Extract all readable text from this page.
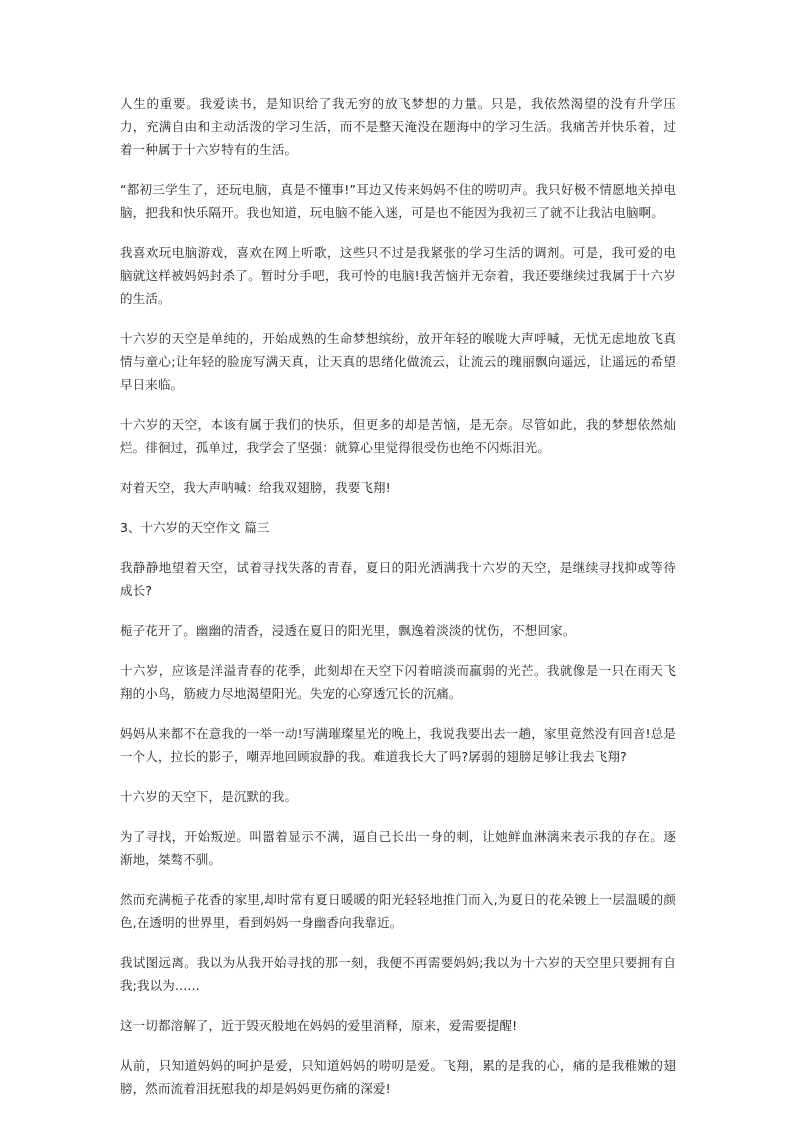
人生的重要。我爱读书，是知识给了我无穷的放飞梦想的力量。只是，我依然渴望的没有升学压力，充满自由和主动活泼的学习生活，而不是整天淹没在题海中的学习生活。我痛苦并快乐着，过着一种属于十六岁特有的生活。

“都初三学生了，还玩电脑，真是不懂事!”耳边又传来妈妈不住的唠叨声。我只好极不情愿地关掉电脑，把我和快乐隔开。我也知道，玩电脑不能入迷，可是也不能因为我初三了就不让我沾电脑啊。

我喜欢玩电脑游戏，喜欢在网上听歌，这些只不过是我紧张的学习生活的调剂。可是，我可爱的电脑就这样被妈妈封杀了。暂时分手吧，我可怜的电脑!我苦恼并无奈着，我还要继续过我属于十六岁的生活。

十六岁的天空是单纯的，开始成熟的生命梦想缤纷，放开年轻的喉咙大声呼喊，无忧无虑地放飞真情与童心;让年轻的脸庞写满天真，让天真的思绪化做流云，让流云的瑰丽飘向遥远，让遥远的希望早日来临。

十六岁的天空，本该有属于我们的快乐，但更多的却是苦恼，是无奈。尽管如此，我的梦想依然灿烂。徘徊过，孤单过，我学会了坚强：就算心里觉得很受伤也绝不闪烁泪光。

对着天空，我大声呐喊：给我双翅膀，我要飞翔!

3、十六岁的天空作文 篇三

我静静地望着天空，试着寻找失落的青春，夏日的阳光洒满我十六岁的天空，是继续寻找抑或等待成长?

栀子花开了。幽幽的清香，浸透在夏日的阳光里，飘逸着淡淡的忧伤，不想回家。

十六岁，应该是洋溢青春的花季，此刻却在天空下闪着暗淡而羸弱的光芒。我就像是一只在雨天飞翔的小鸟，筋疲力尽地渴望阳光。失宠的心穿透冗长的沉痛。

妈妈从来都不在意我的一举一动!写满璀璨星光的晚上，我说我要出去一趟，家里竟然没有回音!总是一个人，拉长的影子，嘲弄地回顾寂静的我。难道我长大了吗?孱弱的翅膀足够让我去飞翔?

十六岁的天空下，是沉默的我。

为了寻找，开始叛逆。叫嚣着显示不满，逼自己长出一身的刺，让她鲜血淋漓来表示我的存在。逐渐地，桀骜不驯。

然而充满栀子花香的家里,却时常有夏日暖暖的阳光轻轻地推门而入,为夏日的花朵镀上一层温暖的颜色,在透明的世界里，看到妈妈一身幽香向我靠近。

我试图远离。我以为从我开始寻找的那一刻，我便不再需要妈妈;我以为十六岁的天空里只要拥有自我;我以为......

这一切都溶解了，近于毁灭般地在妈妈的爱里消释，原来，爱需要提醒!

从前，只知道妈妈的呵护是爱，只知道妈妈的唠叨是爱。飞翔，累的是我的心，痛的是我稚嫩的翅膀，然而流着泪抚慰我的却是妈妈更伤痛的深爱!
